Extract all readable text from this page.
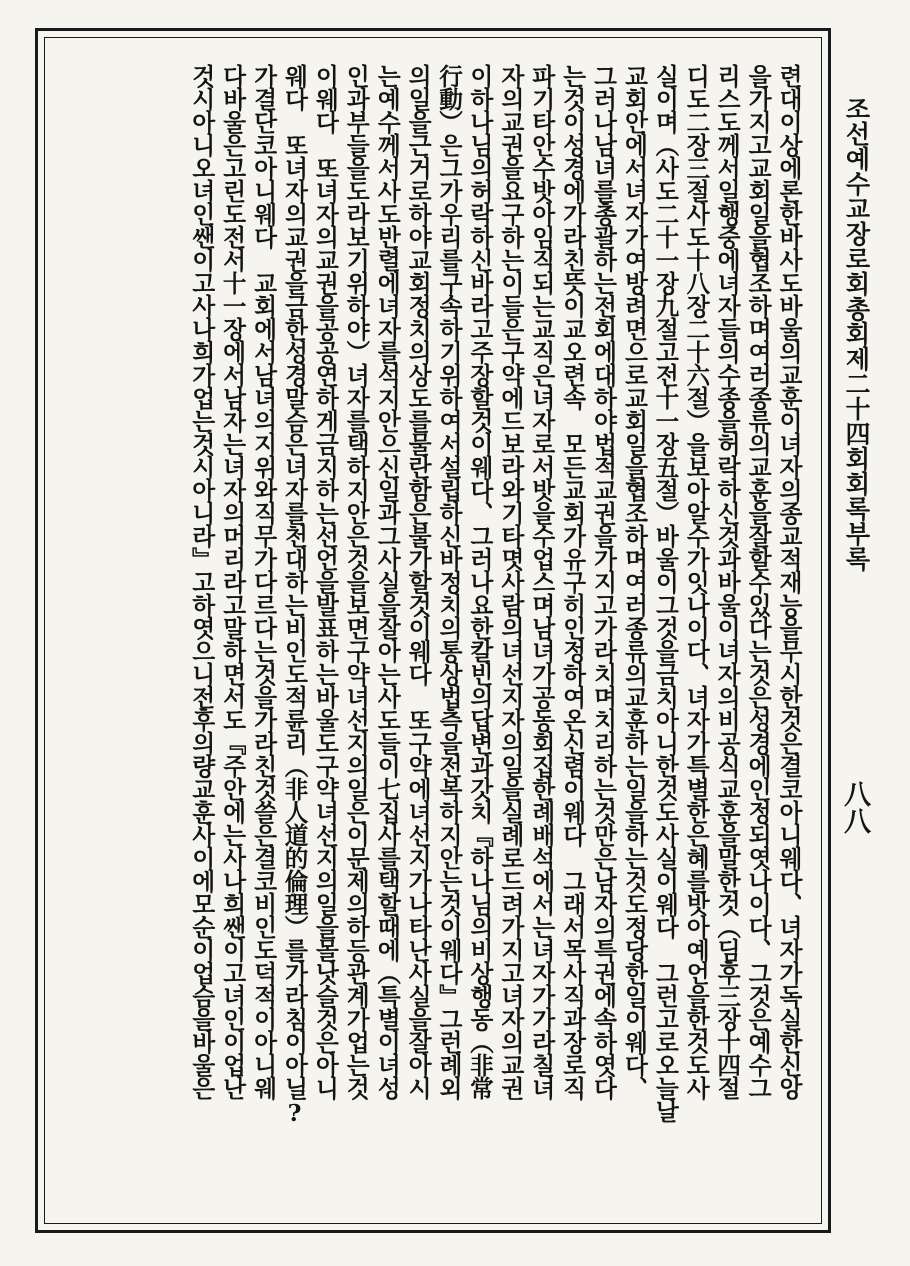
조선예수교장로회총회제二十四회회록부록
八八
련대이상에론한바사도바울의교훈이녀자의종교적재능을무시한것은결코아니웨다、녀자가독실한신앙
을가지고교회일을협조하며여러종류의교훈을잘할수있다는것은성경에인정되엿나이다、그것은예수그
리스도께서일행중에녀자들의수종을허락하신것과바울이녀자의비공식교훈을말한것（딤후三장十四절
디도二장三절사도十八장二十六절）을보아알수가잇나이다、녀자가특별한은혜를밧아예언을한것도사
실이며（사도二十一장九절고전十一장五절）바울이그것을금치아니한것도사실이웨다　그런고로오늘날
교회안에서녀자가여방려면으로교회일을협조하며여러종류의교훈하는일을하는것도정당한일이웨다、
그러나남녀를총괄하는전회에대하야법적교권을가지고가라치며치리하는것만은남자의특권에속하엿다
는것이성경에가라친뜻이교오련속　모든교회가유구히인정하여온신렴이웨다　그래서목사직과장로직
파기타안수밧아임직되는교직은녀자로서밧을수업스며남녀가공동회집한례배석에서는녀자가가라칠녀
자의교권을요구하는이들은구약에드보라와기타몃사람의녀선지자의일을실례로드려가지고녀자의교권
이하나님의허락하신바라고주장할것이웨다、그러나요한칼빈의답변과갓치『하나님의비상행동（非常
行動）은그가우리를구속하기위하여서설립하신바정치의통상법측을전복하지안는것이웨다』그런례외
의일을근거로하야교회정치의상도를물란함은불가할것이웨다　또구약에녀선지가나타난사실을잘아시
는예수께서사도반렬에녀자를석지안으신일과그사실을잘아는사도들이七집사를택할때에（특별이녀성
인과부들을도라보기위하야）녀자를택하지안은것을보면구약녀선지의일은이문제의하등관계가업는것
이웨다　또녀자의교권을공공연하게금지하는선언을발표하는바울도구약녀선지의일을몰낫슬것은아니
웨다　또녀자의교권을금한성경말슴은녀자를천대하는비인도적륜리（非人道的倫理）를가라침이아닐?
가결단코아니웨다　교회에서남녀의지위와직무가다르다는것을가라친것쓸은결코비인도덕적이아니웨
다바울은고린도전서十一장에서남자는녀자의머리라고말하면서도『주안에는사나희쌘이고녀인이업난
것시아니오녀인쌘이고사나희가업는것시아니라』고하엿으니전후의량교훈사이에모순이업슴을바울은
